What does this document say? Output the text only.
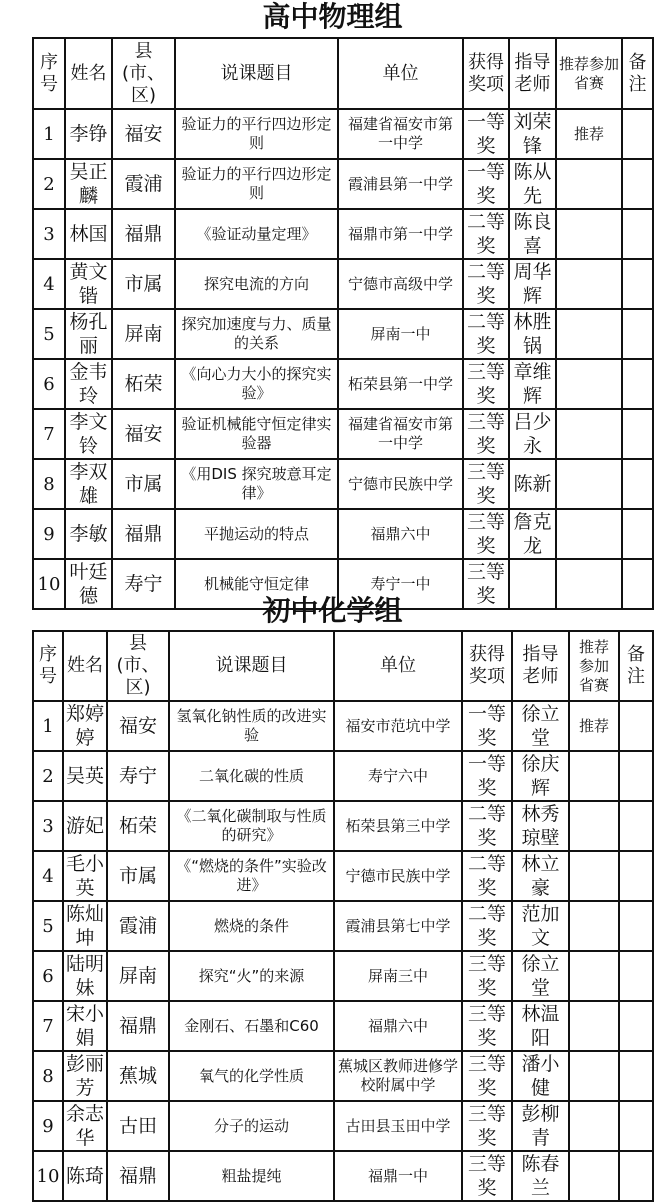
高中物理组
序号	姓名	县(市、区)	说课题目	单位	获得奖项	指导老师	推荐参加省赛	备注
1	李铮	福安	验证力的平行四边形定则	福建省福安市第一中学	一等奖	刘荣锋	推荐	
2	吴正麟	霞浦	验证力的平行四边形定则	霞浦县第一中学	一等奖	陈从先		
3	林国	福鼎	《验证动量定理》	福鼎市第一中学	二等奖	陈良喜		
4	黄文锴	市属	探究电流的方向	宁德市高级中学	二等奖	周华辉		
5	杨孔丽	屏南	探究加速度与力、质量的关系	屏南一中	二等奖	林胜锅		
6	金韦玲	柘荣	《向心力大小的探究实验》	柘荣县第一中学	三等奖	章维辉		
7	李文铃	福安	验证机械能守恒定律实验器	福建省福安市第一中学	三等奖	吕少永		
8	李双雄	市属	《用DIS 探究玻意耳定律》	宁德市民族中学	三等奖	陈新		
9	李敏	福鼎	平抛运动的特点	福鼎六中	三等奖	詹克龙		
10	叶廷德	寿宁	机械能守恒定律	寿宁一中	三等奖			
初中化学组
序号	姓名	县(市、区)	说课题目	单位	获得奖项	指导老师	推荐参加省赛	备注
1	郑婷婷	福安	氢氧化钠性质的改进实验	福安市范坑中学	一等奖	徐立堂	推荐	
2	吴英	寿宁	二氧化碳的性质	寿宁六中	一等奖	徐庆辉		
3	游妃	柘荣	《二氧化碳制取与性质的研究》	柘荣县第三中学	二等奖	林秀琼壁		
4	毛小英	市属	《“燃烧的条件”实验改进》	宁德市民族中学	二等奖	林立豪		
5	陈灿坤	霞浦	燃烧的条件	霞浦县第七中学	二等奖	范加文		
6	陆明妹	屏南	探究“火”的来源	屏南三中	三等奖	徐立堂		
7	宋小娟	福鼎	金刚石、石墨和C60	福鼎六中	三等奖	林温阳		
8	彭丽芳	蕉城	氧气的化学性质	蕉城区教师进修学校附属中学	三等奖	潘小健		
9	余志华	古田	分子的运动	古田县玉田中学	三等奖	彭柳青		
10	陈琦	福鼎	粗盐提纯	福鼎一中	三等奖	陈春兰		
